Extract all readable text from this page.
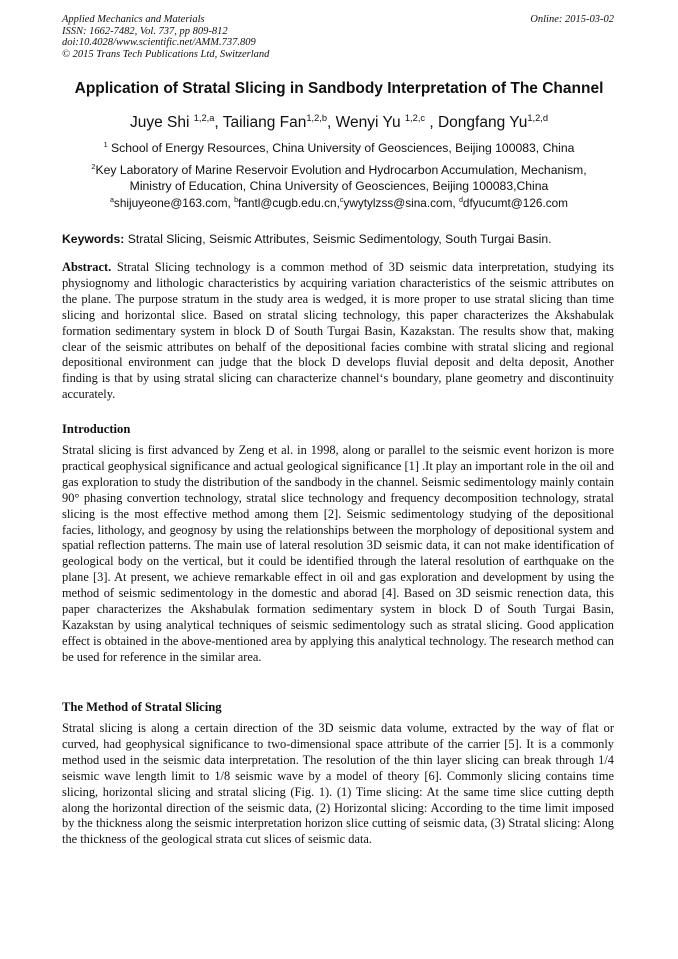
Applied Mechanics and Materials
ISSN: 1662-7482, Vol. 737, pp 809-812
doi:10.4028/www.scientific.net/AMM.737.809
© 2015 Trans Tech Publications Ltd, Switzerland
Online: 2015-03-02
Application of Stratal Slicing in Sandbody Interpretation of The Channel
Juye Shi $^{1,2,a}$, Tailiang Fan$^{1,2,b}$, Wenyi Yu $^{1,2,c}$ , Dongfang Yu$^{1,2,d}$
$^1$ School of Energy Resources, China University of Geosciences, Beijing 100083, China
$^2$Key Laboratory of Marine Reservoir Evolution and Hydrocarbon Accumulation, Mechanism,
Ministry of Education, China University of Geosciences, Beijing 100083,China
$^a$shijuyeone@163.com, $^b$fantl@cugb.edu.cn,$^c$ywytylzss@sina.com, $^d$dfyucumt@126.com
Keywords: Stratal Slicing, Seismic Attributes, Seismic Sedimentology, South Turgai Basin.
Abstract. Stratal Slicing technology is a common method of 3D seismic data interpretation, studying its physiognomy and lithologic characteristics by acquiring variation characteristics of the seismic attributes on the plane. The purpose stratum in the study area is wedged, it is more proper to use stratal slicing than time slicing and horizontal slice. Based on stratal slicing technology, this paper characterizes the Akshabulak formation sedimentary system in block D of South Turgai Basin, Kazakstan. The results show that, making clear of the seismic attributes on behalf of the depositional facies combine with stratal slicing and regional depositional environment can judge that the block D develops fluvial deposit and delta deposit, Another finding is that by using stratal slicing can characterize channel‘s boundary, plane geometry and discontinuity accurately.
Introduction
Stratal slicing is first advanced by Zeng et al. in 1998, along or parallel to the seismic event horizon is more practical geophysical significance and actual geological significance [1] .It play an important role in the oil and gas exploration to study the distribution of the sandbody in the channel. Seismic sedimentology mainly contain 90° phasing convertion technology, stratal slice technology and frequency decomposition technology, stratal slicing is the most effective method among them [2]. Seismic sedimentology studying of the depositional facies, lithology, and geognosy by using the relationships between the morphology of depositional system and spatial reflection patterns. The main use of lateral resolution 3D seismic data, it can not make identification of geological body on the vertical, but it could be identified through the lateral resolution of earthquake on the plane [3]. At present, we achieve remarkable effect in oil and gas exploration and development by using the method of seismic sedimentology in the domestic and aborad [4]. Based on 3D seismic renection data, this paper characterizes the Akshabulak formation sedimentary system in block D of South Turgai Basin, Kazakstan by using analytical techniques of seismic sedimentology such as stratal slicing. Good application effect is obtained in the above-mentioned area by applying this analytical technology. The research method can be used for reference in the similar area.
The Method of Stratal Slicing
Stratal slicing is along a certain direction of the 3D seismic data volume, extracted by the way of flat or curved, had geophysical significance to two-dimensional space attribute of the carrier [5]. It is a commonly method used in the seismic data interpretation. The resolution of the thin layer slicing can break through 1/4 seismic wave length limit to 1/8 seismic wave by a model of theory [6]. Commonly slicing contains time slicing, horizontal slicing and stratal slicing (Fig. 1). (1) Time slicing: At the same time slice cutting depth along the horizontal direction of the seismic data, (2) Horizontal slicing: According to the time limit imposed by the thickness along the seismic interpretation horizon slice cutting of seismic data, (3) Stratal slicing: Along the thickness of the geological strata cut slices of seismic data.
